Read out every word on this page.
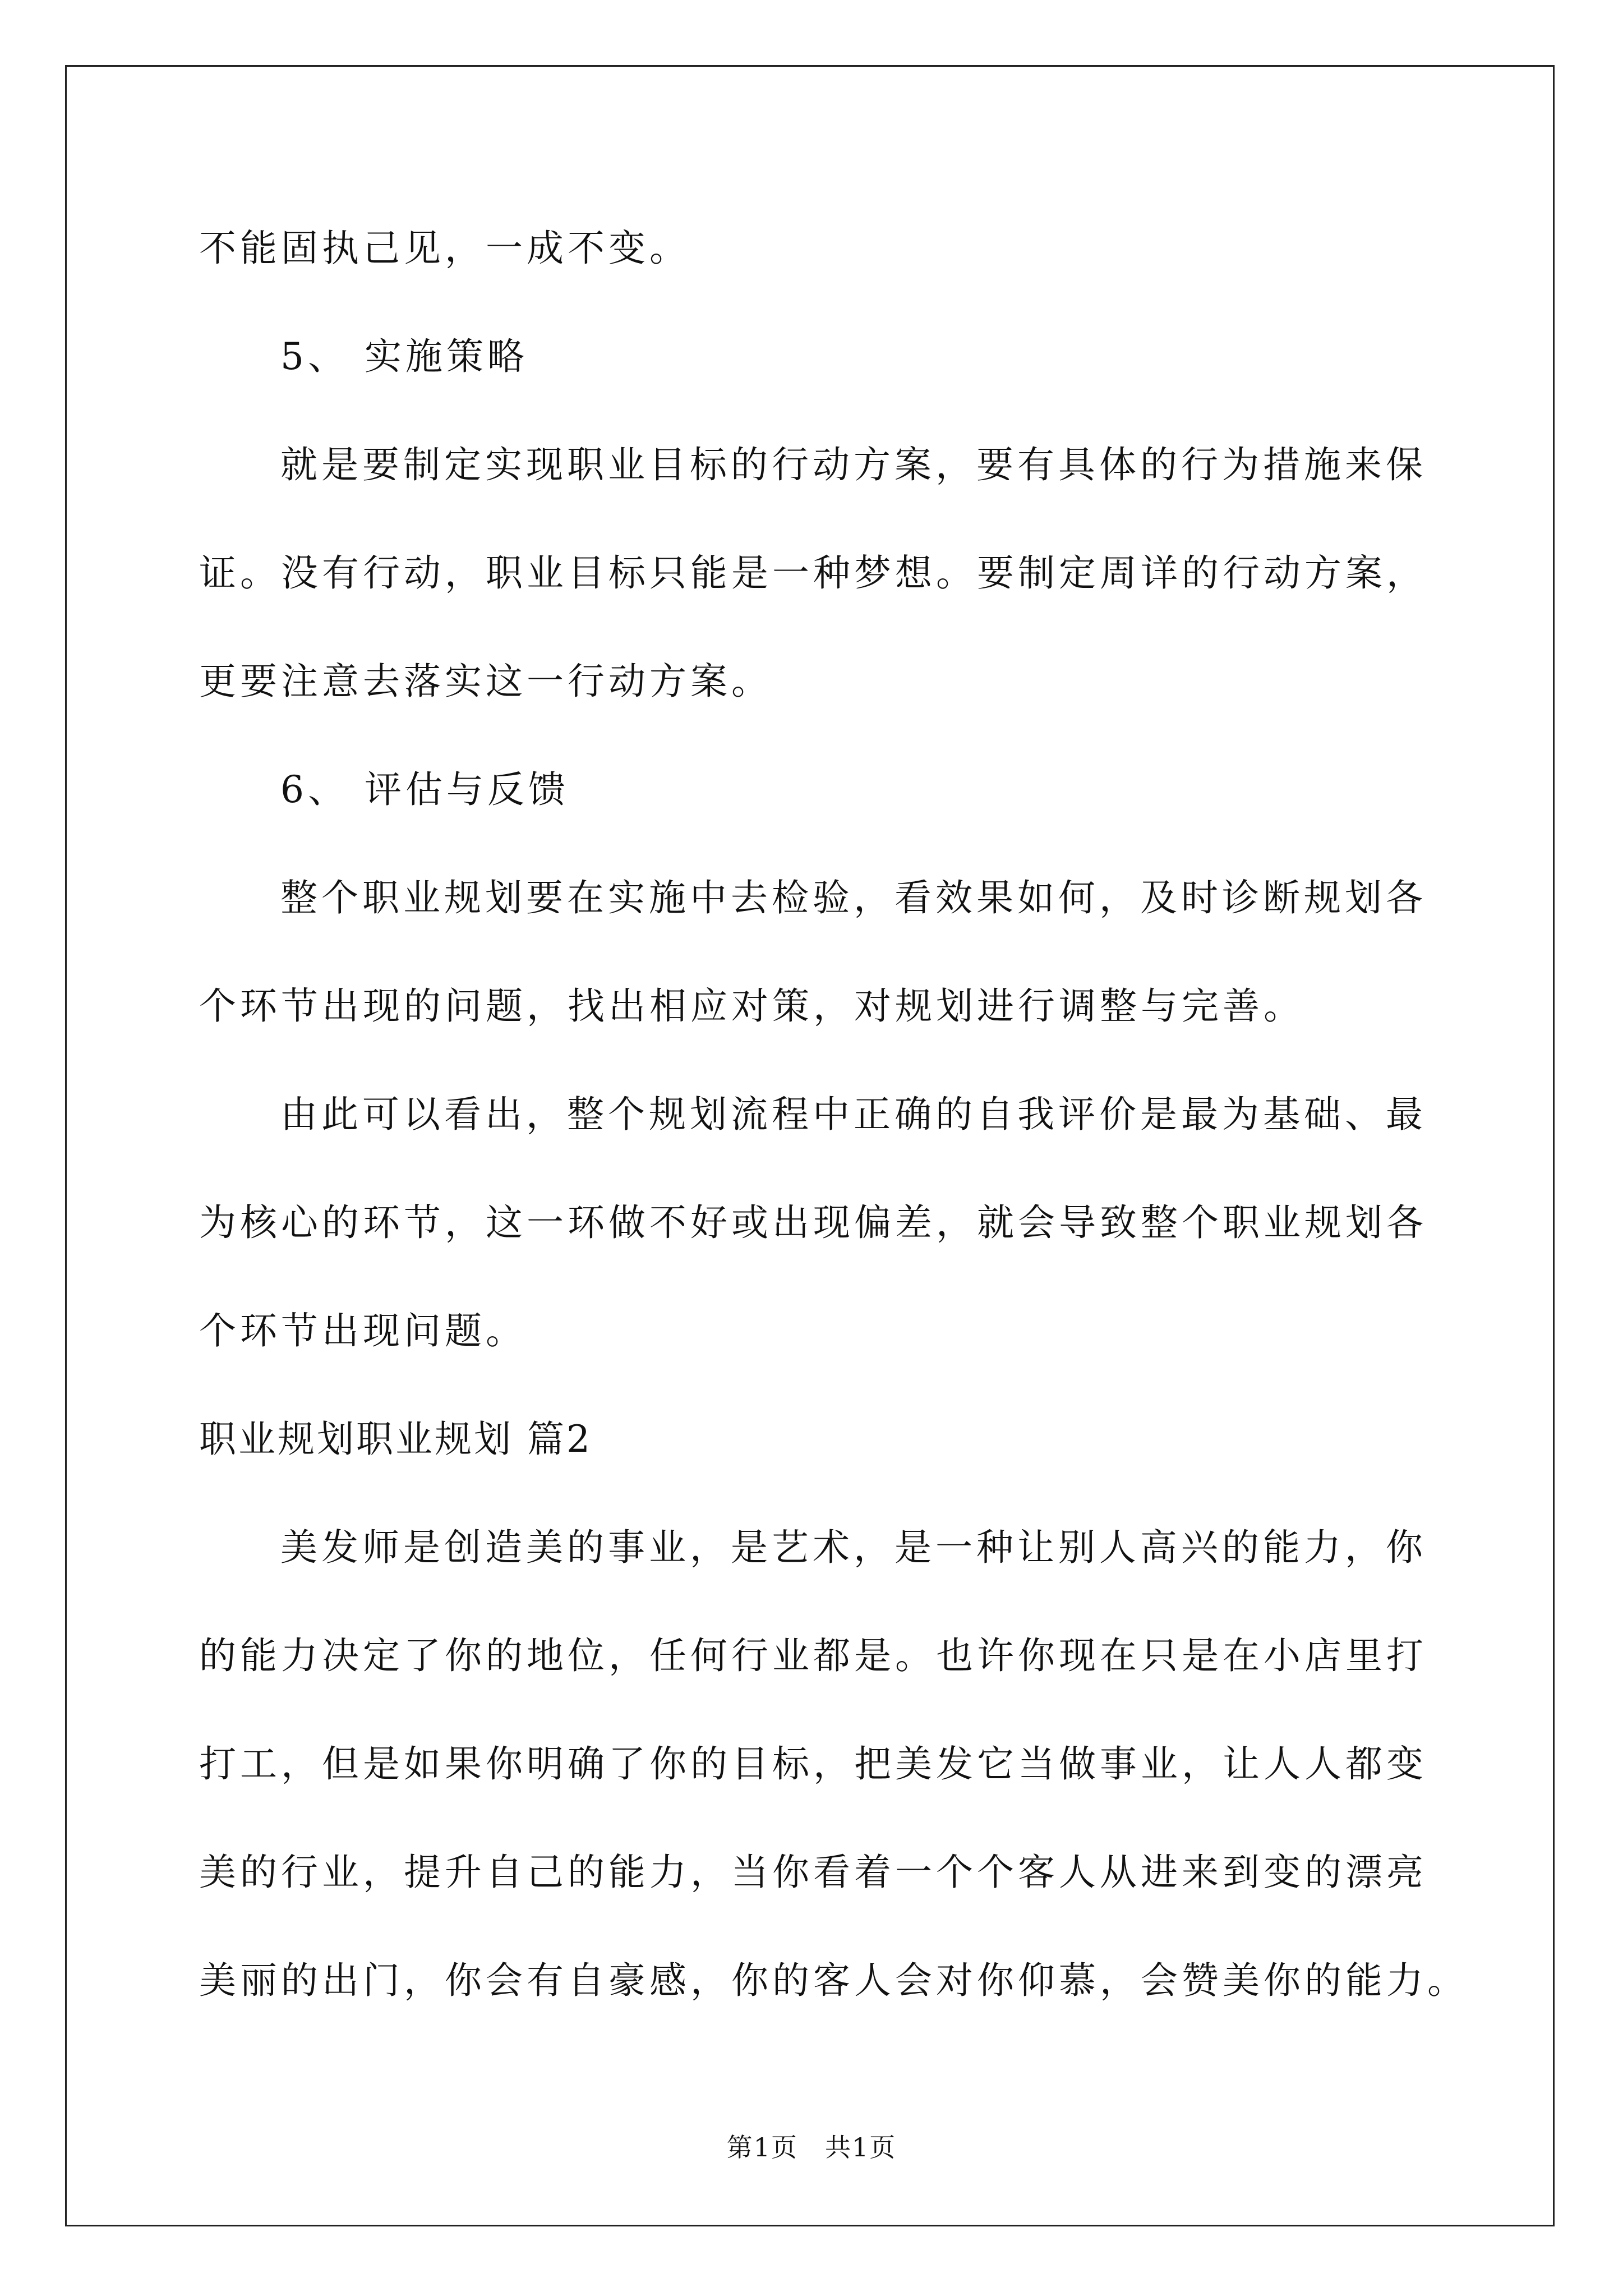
不能固执己见，一成不变。
5、 实施策略
就是要制定实现职业目标的行动方案，要有具体的行为措施来保
证。没有行动，职业目标只能是一种梦想。要制定周详的行动方案，
更要注意去落实这一行动方案。
6、 评估与反馈
整个职业规划要在实施中去检验，看效果如何，及时诊断规划各
个环节出现的问题，找出相应对策，对规划进行调整与完善。
由此可以看出，整个规划流程中正确的自我评价是最为基础、最
为核心的环节，这一环做不好或出现偏差，就会导致整个职业规划各
个环节出现问题。
职业规划职业规划 篇2
美发师是创造美的事业，是艺术，是一种让别人高兴的能力，你
的能力决定了你的地位，任何行业都是。也许你现在只是在小店里打
打工，但是如果你明确了你的目标，把美发它当做事业，让人人都变
美的行业，提升自己的能力，当你看着一个个客人从进来到变的漂亮
美丽的出门，你会有自豪感，你的客人会对你仰慕，会赞美你的能力。
第1页　共1页
